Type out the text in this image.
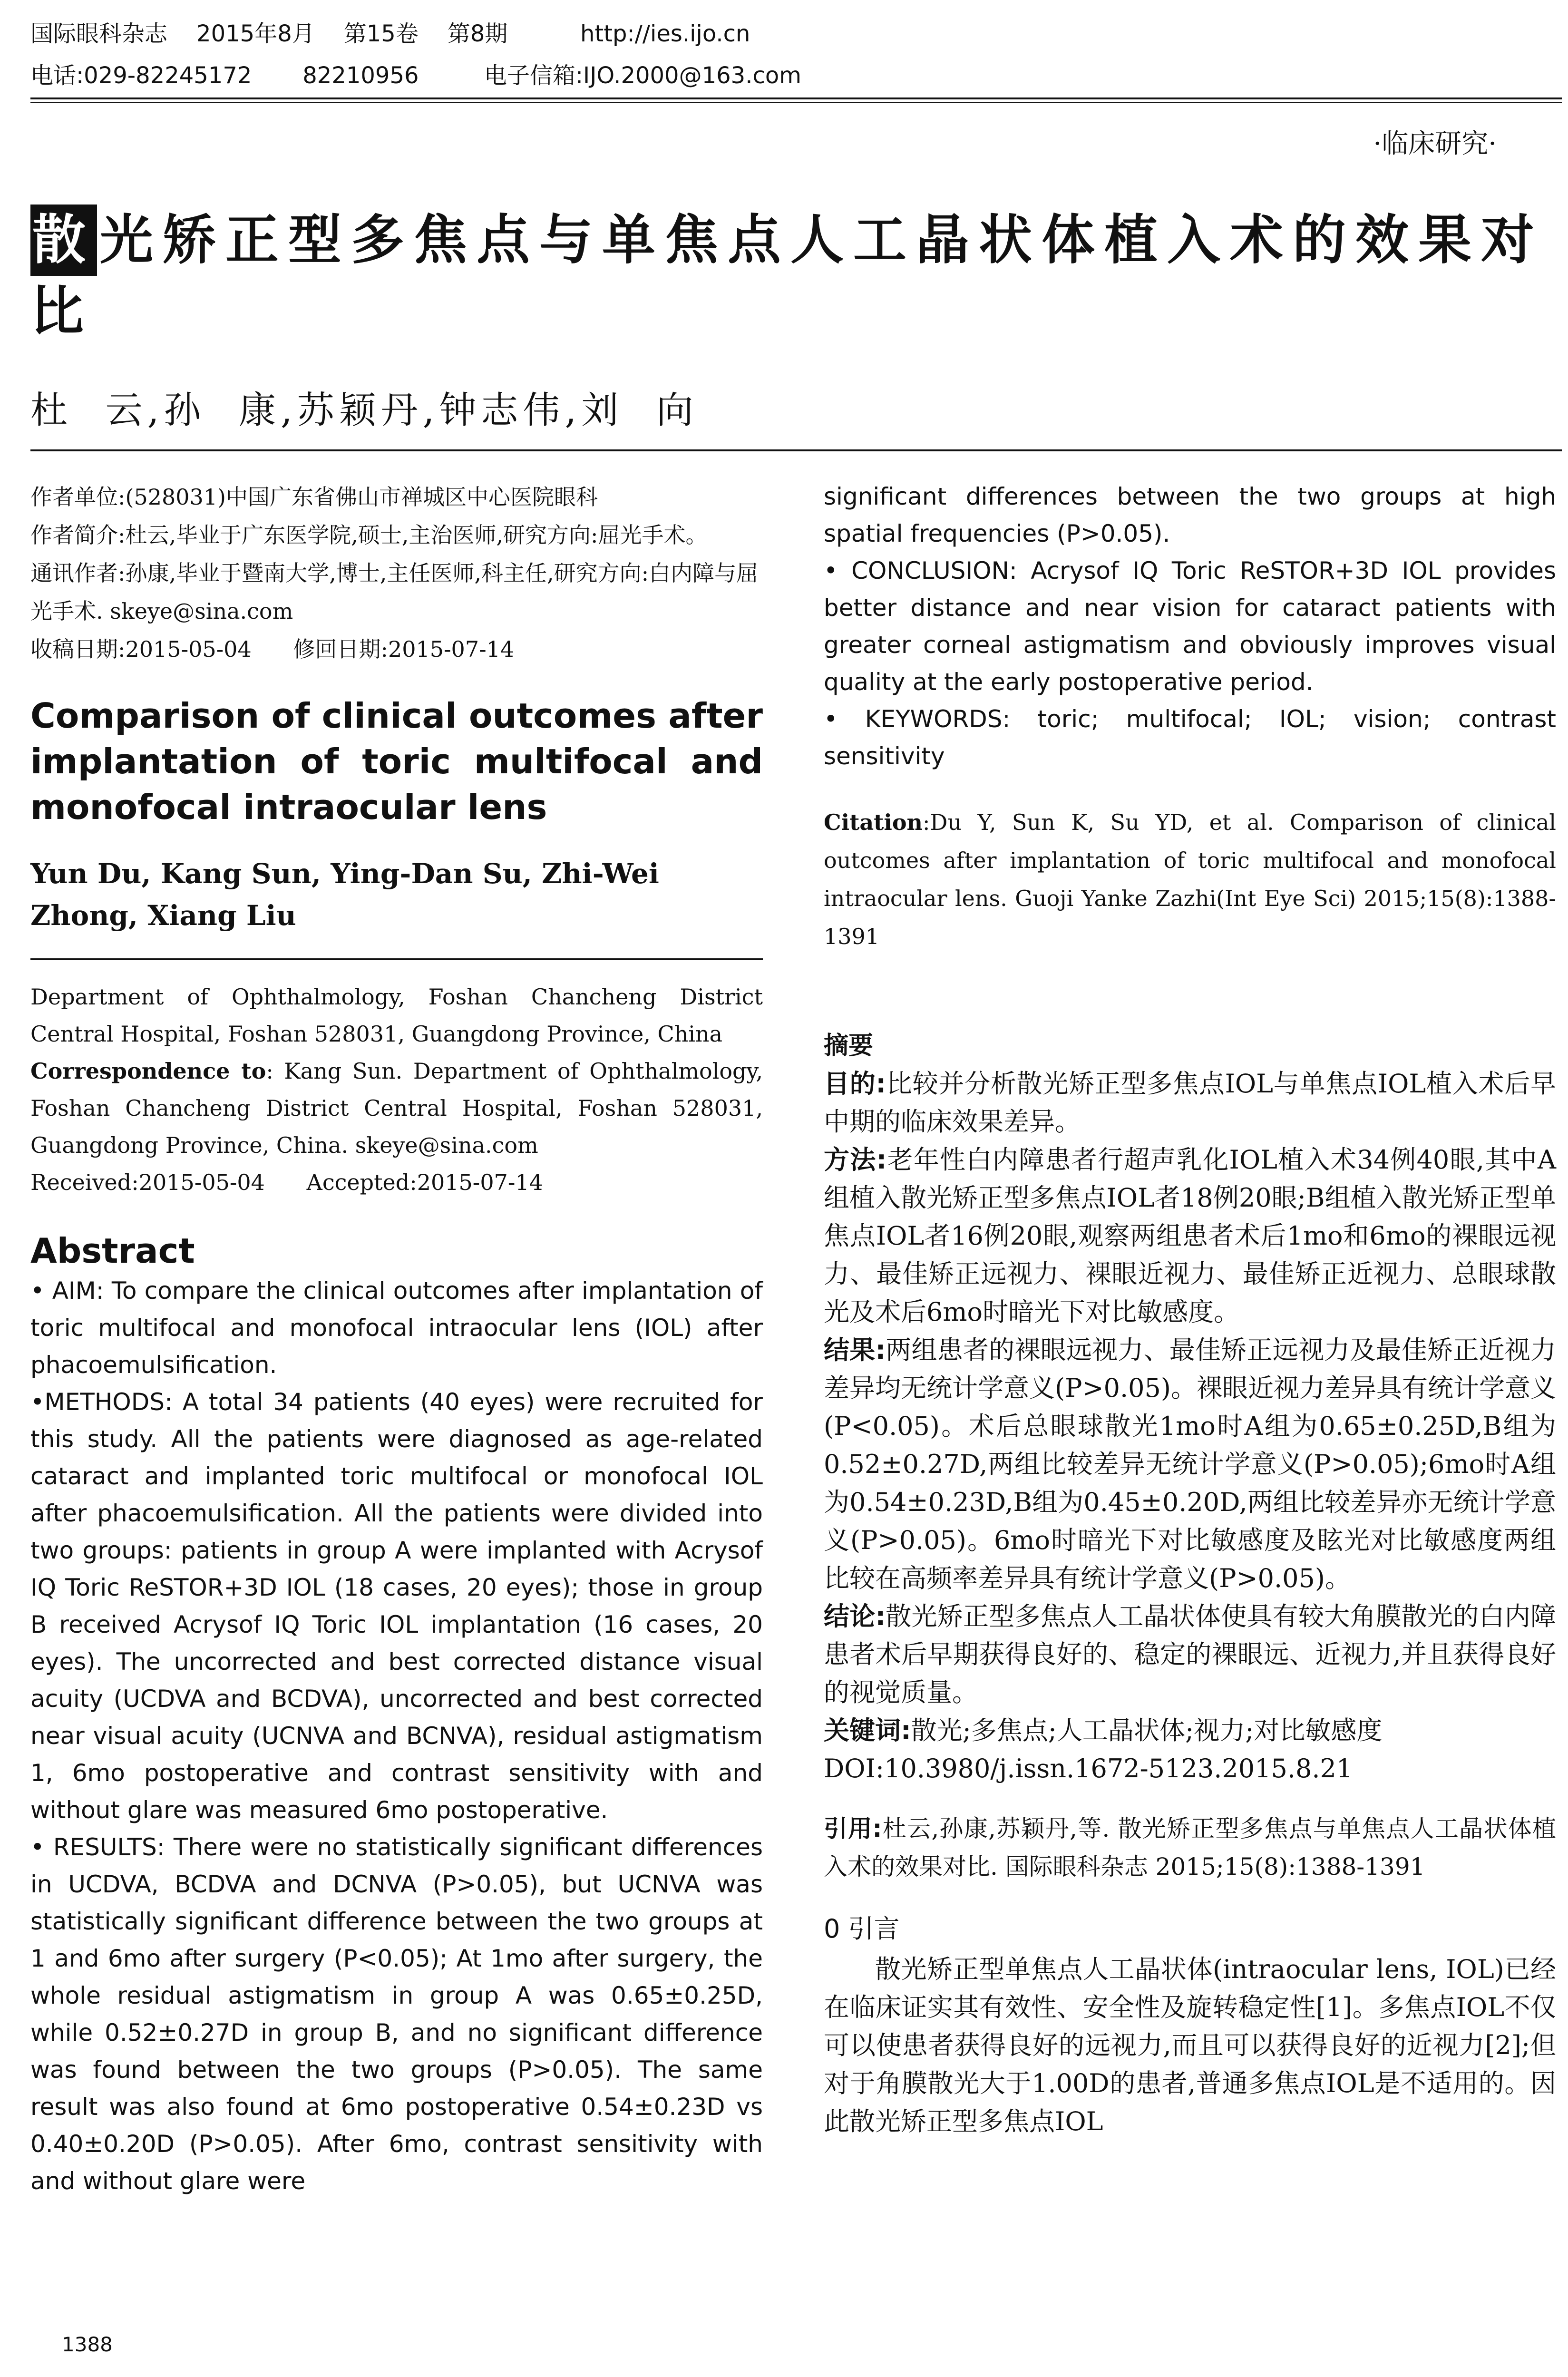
国际眼科杂志    2015年8月    第15卷    第8期          http://ies.ijo.cn
电话:029-82245172       82210956         电子信箱:IJO.2000@163.com
·临床研究·
散光矫正型多焦点与单焦点人工晶状体植入术的效果对比
杜  云,孙  康,苏颖丹,钟志伟,刘  向
作者单位:(528031)中国广东省佛山市禅城区中心医院眼科
作者简介:杜云,毕业于广东医学院,硕士,主治医师,研究方向:屈光手术。
通讯作者:孙康,毕业于暨南大学,博士,主任医师,科主任,研究方向:白内障与屈光手术. skeye@sina.com
收稿日期:2015-05-04      修回日期:2015-07-14
Comparison of clinical outcomes after implantation of toric multifocal and monofocal intraocular lens
Yun Du, Kang Sun, Ying-Dan Su, Zhi-Wei Zhong, Xiang Liu
Department of Ophthalmology, Foshan Chancheng District Central Hospital, Foshan 528031, Guangdong Province, China
Correspondence to: Kang Sun. Department of Ophthalmology, Foshan Chancheng District Central Hospital, Foshan 528031, Guangdong Province, China. skeye@sina.com
Received:2015-05-04      Accepted:2015-07-14
Abstract
• AIM: To compare the clinical outcomes after implantation of toric multifocal and monofocal intraocular lens (IOL) after phacoemulsification.
•METHODS: A total 34 patients (40 eyes) were recruited for this study. All the patients were diagnosed as age-related cataract and implanted toric multifocal or monofocal IOL after phacoemulsification. All the patients were divided into two groups: patients in group A were implanted with Acrysof IQ Toric ReSTOR+3D IOL (18 cases, 20 eyes); those in group B received Acrysof IQ Toric IOL implantation (16 cases, 20 eyes). The uncorrected and best corrected distance visual acuity (UCDVA and BCDVA), uncorrected and best corrected near visual acuity (UCNVA and BCNVA), residual astigmatism 1, 6mo postoperative and contrast sensitivity with and without glare was measured 6mo postoperative.
• RESULTS: There were no statistically significant differences in UCDVA, BCDVA and DCNVA (P>0.05), but UCNVA was statistically significant difference between the two groups at 1 and 6mo after surgery (P<0.05); At 1mo after surgery, the whole residual astigmatism in group A was 0.65±0.25D, while 0.52±0.27D in group B, and no significant difference was found between the two groups (P>0.05). The same result was also found at 6mo postoperative 0.54±0.23D vs 0.40±0.20D (P>0.05). After 6mo, contrast sensitivity with and without glare were
significant differences between the two groups at high spatial frequencies (P>0.05).
• CONCLUSION: Acrysof IQ Toric ReSTOR+3D IOL provides better distance and near vision for cataract patients with greater corneal astigmatism and obviously improves visual quality at the early postoperative period.
• KEYWORDS: toric; multifocal; IOL; vision; contrast sensitivity
Citation:Du Y, Sun K, Su YD, et al. Comparison of clinical outcomes after implantation of toric multifocal and monofocal intraocular lens. Guoji Yanke Zazhi(Int Eye Sci) 2015;15(8):1388-1391
摘要
目的:比较并分析散光矫正型多焦点IOL与单焦点IOL植入术后早中期的临床效果差异。
方法:老年性白内障患者行超声乳化IOL植入术34例40眼,其中A组植入散光矫正型多焦点IOL者18例20眼;B组植入散光矫正型单焦点IOL者16例20眼,观察两组患者术后1mo和6mo的裸眼远视力、最佳矫正远视力、裸眼近视力、最佳矫正近视力、总眼球散光及术后6mo时暗光下对比敏感度。
结果:两组患者的裸眼远视力、最佳矫正远视力及最佳矫正近视力差异均无统计学意义(P>0.05)。裸眼近视力差异具有统计学意义(P<0.05)。术后总眼球散光1mo时A组为0.65±0.25D,B组为0.52±0.27D,两组比较差异无统计学意义(P>0.05);6mo时A组为0.54±0.23D,B组为0.45±0.20D,两组比较差异亦无统计学意义(P>0.05)。6mo时暗光下对比敏感度及眩光对比敏感度两组比较在高频率差异具有统计学意义(P>0.05)。
结论:散光矫正型多焦点人工晶状体使具有较大角膜散光的白内障患者术后早期获得良好的、稳定的裸眼远、近视力,并且获得良好的视觉质量。
关键词:散光;多焦点;人工晶状体;视力;对比敏感度
DOI:10.3980/j.issn.1672-5123.2015.8.21
引用:杜云,孙康,苏颖丹,等. 散光矫正型多焦点与单焦点人工晶状体植入术的效果对比. 国际眼科杂志 2015;15(8):1388-1391
0 引言
散光矫正型单焦点人工晶状体(intraocular lens, IOL)已经在临床证实其有效性、安全性及旋转稳定性[1]。多焦点IOL不仅可以使患者获得良好的远视力,而且可以获得良好的近视力[2];但对于角膜散光大于1.00D的患者,普通多焦点IOL是不适用的。因此散光矫正型多焦点IOL
1388
